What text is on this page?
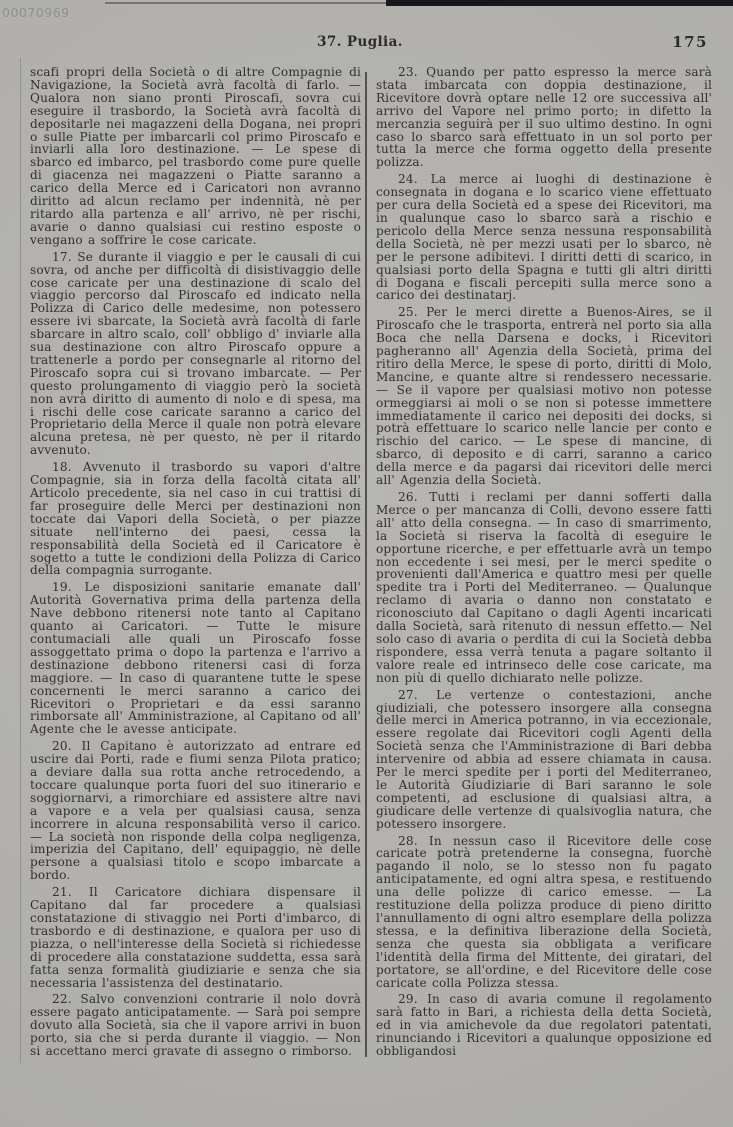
00070969
37. Puglia.	175

scafi propri della Società o di altre Compagnie di Navigazione, la Società avrà facoltà di farlo. — Qualora non siano pronti Piroscafi, sovra cui eseguire il trasbordo, la Società avrà facoltà di depositarle nei magazzeni della Dogana, nei propri o sulle Piatte per imbarcarli col primo Piroscafo e inviarli alla loro destinazione. — Le spese di sbarco ed imbarco, pel trasbordo come pure quelle di giacenza nei magazzeni o Piatte saranno a carico della Merce ed i Caricatori non avranno diritto ad alcun reclamo per indennità, nè per ritardo alla partenza e all' arrivo, nè per rischi, avarie o danno qualsiasi cui restino esposte o vengano a soffrire le cose caricate.

17. Se durante il viaggio e per le causali di cui sovra, od anche per difficoltà di disistivaggio delle cose caricate per una destinazione di scalo del viaggio percorso dal Piroscafo ed indicato nella Polizza di Carico delle medesime, non potessero essere ivi sbarcate, la Società avrà facoltà di farle sbarcare in altro scalo, coll' obbligo d' inviarle alla sua destinazione con altro Piroscafo oppure a trattenerle a pordo per consegnarle al ritorno del Piroscafo sopra cui si trovano imbarcate. — Per questo prolungamento di viaggio però la società non avrà diritto di aumento di nolo e di spesa, ma i rischi delle cose caricate saranno a carico del Proprietario della Merce il quale non potrà elevare alcuna pretesa, nè per questo, nè per il ritardo avvenuto.

18. Avvenuto il trasbordo su vapori d'altre Compagnie, sia in forza della facoltà citata all' Articolo precedente, sia nel caso in cui trattisi di far proseguire delle Merci per destinazioni non toccate dai Vapori della Società, o per piazze situate nell'interno dei paesi, cessa la responsabilità della Società ed il Caricatore è sogetto a tutte le condizioni della Polizza di Carico della compagnia surrogante.

19. Le disposizioni sanitarie emanate dall' Autorità Governativa prima della partenza della Nave debbono ritenersi note tanto al Capitano quanto ai Caricatori. — Tutte le misure contumaciali alle quali un Piroscafo fosse assoggettato prima o dopo la partenza e l'arrivo a destinazione debbono ritenersi casi di forza maggiore. — In caso di quarantene tutte le spese concernenti le merci saranno a carico dei Ricevitori o Proprietari e da essi saranno rimborsate all' Amministrazione, al Capitano od all' Agente che le avesse anticipate.

20. Il Capitano è autorizzato ad entrare ed uscire dai Porti, rade e fiumi senza Pilota pratico; a deviare dalla sua rotta anche retrocedendo, a toccare qualunque porta fuori del suo itinerario e soggiornarvi, a rimorchiare ed assistere altre navi a vapore e a vela per qualsiasi causa, senza incorrere in alcuna responsabilità verso il carico. — La società non risponde della colpa negligenza, imperizia del Capitano, dell' equipaggio, nè delle persone a qualsiasi titolo e scopo imbarcate a bordo.

21. Il Caricatore dichiara dispensare il Capitano dal far procedere a qualsiasi constatazione di stivaggio nei Porti d'imbarco, di trasbordo e di destinazione, e qualora per uso di piazza, o nell'interesse della Società si richiedesse di procedere alla constatazione suddetta, essa sarà fatta senza formalità giudiziarie e senza che sia necessaria l'assistenza del destinatario.

22. Salvo convenzioni contrarie il nolo dovrà essere pagato anticipatamente. — Sarà poi sempre dovuto alla Società, sia che il vapore arrivi in buon porto, sia che si perda durante il viaggio. — Non si accettano merci gravate di assegno o rimborso.

23. Quando per patto espresso la merce sarà stata imbarcata con doppia destinazione, il Ricevitore dovrà optare nelle 12 ore successiva all' arrivo del Vapore nel primo porto; in difetto la mercanzia seguirà per il suo ultimo destino. In ogni caso lo sbarco sarà effettuato in un sol porto per tutta la merce che forma oggetto della presente polizza.

24. La merce ai luoghi di destinazione è consegnata in dogana e lo scarico viene effettuato per cura della Società ed a spese dei Ricevitori, ma in qualunque caso lo sbarco sarà a rischio e pericolo della Merce senza nessuna responsabilità della Società, nè per mezzi usati per lo sbarco, nè per le persone adibitevi. I diritti detti di scarico, in qualsiasi porto della Spagna e tutti gli altri diritti di Dogana e fiscali percepiti sulla merce sono a carico dei destinatarj.

25. Per le merci dirette a Buenos-Aires, se il Piroscafo che le trasporta, entrerà nel porto sia alla Boca che nella Darsena e docks, i Ricevitori pagheranno all' Agenzia della Società, prima del ritiro della Merce, le spese di porto, diritti di Molo, Mancine, e quante altre si rendessero necessarie. — Se il vapore per qualsiasi motivo non potesse ormeggiarsi ai moli o se non si potesse immettere immediatamente il carico nei depositi dei docks, si potrà effettuare lo scarico nelle lancie per conto e rischio del carico. — Le spese di mancine, di sbarco, di deposito e di carri, saranno a carico della merce e da pagarsi dai ricevitori delle merci all' Agenzia della Società.

26. Tutti i reclami per danni sofferti dalla Merce o per mancanza di Colli, devono essere fatti all' atto della consegna. — In caso di smarrimento, la Società si riserva la facoltà di eseguire le opportune ricerche, e per effettuarle avrà un tempo non eccedente i sei mesi, per le merci spedite o provenienti dall'America e quattro mesi per quelle spedite tra i Porti del Mediterraneo. — Qualunque reclamo di avaria o danno non constatato e riconosciuto dal Capitano o dagli Agenti incaricati dalla Società, sarà ritenuto di nessun effetto.— Nel solo caso di avaria o perdita di cui la Società debba rispondere, essa verrà tenuta a pagare soltanto il valore reale ed intrinseco delle cose caricate, ma non più di quello dichiarato nelle polizze.

27. Le vertenze o contestazioni, anche giudiziali, che potessero insorgere alla consegna delle merci in America potranno, in via eccezionale, essere regolate dai Ricevitori cogli Agenti della Società senza che l'Amministrazione di Bari debba intervenire od abbia ad essere chiamata in causa. Per le merci spedite per i porti del Mediterraneo, le Autorità Giudiziarie di Bari saranno le sole competenti, ad esclusione di qualsiasi altra, a giudicare delle vertenze di qualsivoglia natura, che potessero insorgere.

28. In nessun caso il Ricevitore delle cose caricate potrà pretenderne la consegna, fuorchè pagando il nolo, se lo stesso non fu pagato anticipatamente, ed ogni altra spesa, e restituendo una delle polizze di carico emesse. — La restituzione della polizza produce di pieno diritto l'annullamento di ogni altro esemplare della polizza stessa, e la definitiva liberazione della Società, senza che questa sia obbligata a verificare l'identità della firma del Mittente, dei giratari, del portatore, se all'ordine, e del Ricevitore delle cose caricate colla Polizza stessa.

29. In caso di avaria comune il regolamento sarà fatto in Bari, a richiesta della detta Società, ed in via amichevole da due regolatori patentati, rinunciando i Ricevitori a qualunque opposizione ed obbligandosi
